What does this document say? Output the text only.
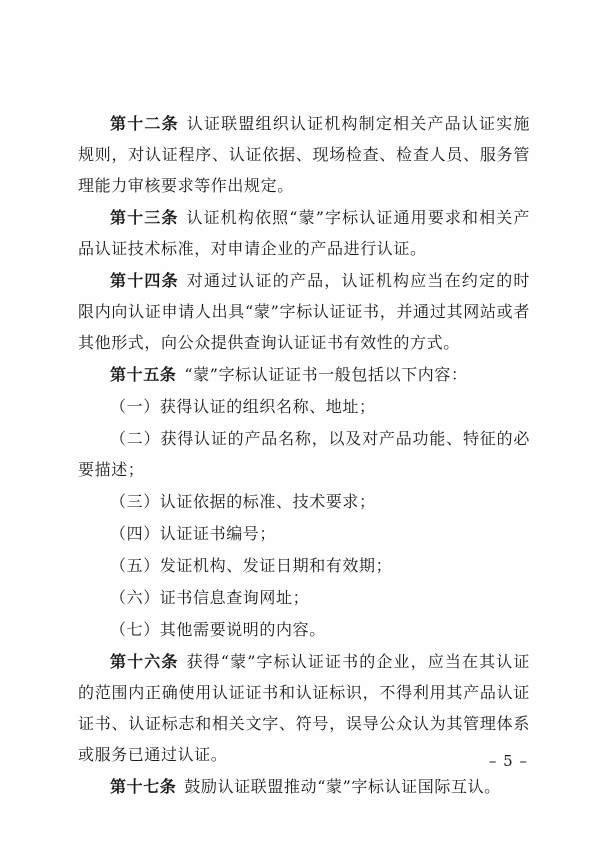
第十二条 认证联盟组织认证机构制定相关产品认证实施规则，对认证程序、认证依据、现场检查、检查人员、服务管理能力审核要求等作出规定。

第十三条 认证机构依照“蒙”字标认证通用要求和相关产品认证技术标准，对申请企业的产品进行认证。

第十四条 对通过认证的产品，认证机构应当在约定的时限内向认证申请人出具“蒙”字标认证证书，并通过其网站或者其他形式，向公众提供查询认证证书有效性的方式。

第十五条 “蒙”字标认证证书一般包括以下内容：

（一）获得认证的组织名称、地址；

（二）获得认证的产品名称，以及对产品功能、特征的必要描述；

（三）认证依据的标准、技术要求；

（四）认证证书编号；

（五）发证机构、发证日期和有效期；

（六）证书信息查询网址；

（七）其他需要说明的内容。

第十六条 获得“蒙”字标认证证书的企业，应当在其认证的范围内正确使用认证证书和认证标识，不得利用其产品认证证书、认证标志和相关文字、符号，误导公众认为其管理体系或服务已通过认证。

第十七条 鼓励认证联盟推动“蒙”字标认证国际互认。

– 5 –
